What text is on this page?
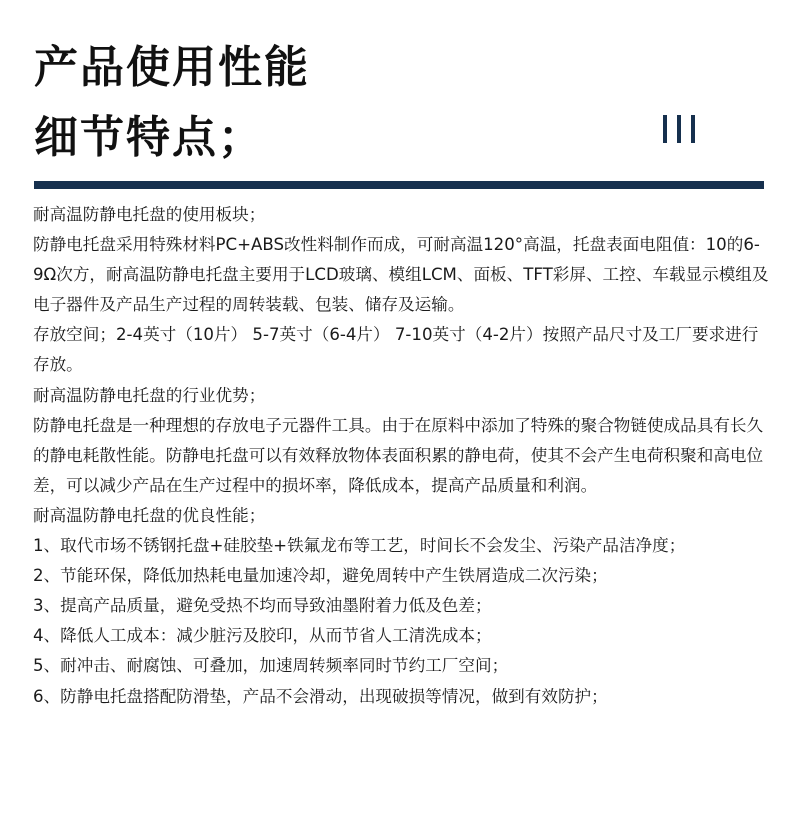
产品使用性能
细节特点；

耐高温防静电托盘的使用板块；

防静电托盘采用特殊材料PC+ABS改性料制作而成，可耐高温120°高温，托盘表面电阻值：10的6-9Ω次方，耐高温防静电托盘主要用于LCD玻璃、模组LCM、面板、TFT彩屏、工控、车载显示模组及电子器件及产品生产过程的周转装载、包装、储存及运输。

存放空间；2-4英寸（10片） 5-7英寸（6-4片） 7-10英寸（4-2片）按照产品尺寸及工厂要求进行存放。

耐高温防静电托盘的行业优势；

防静电托盘是一种理想的存放电子元器件工具。由于在原料中添加了特殊的聚合物链使成品具有长久的静电耗散性能。防静电托盘可以有效释放物体表面积累的静电荷，使其不会产生电荷积聚和高电位差，可以减少产品在生产过程中的损坏率，降低成本，提高产品质量和利润。

耐高温防静电托盘的优良性能；

1、取代市场不锈钢托盘+硅胶垫+铁氟龙布等工艺，时间长不会发尘、污染产品洁净度；

2、节能环保，降低加热耗电量加速冷却，避免周转中产生铁屑造成二次污染；

3、提高产品质量，避免受热不均而导致油墨附着力低及色差；

4、降低人工成本：减少脏污及胶印，从而节省人工清洗成本；

5、耐冲击、耐腐蚀、可叠加，加速周转频率同时节约工厂空间；

6、防静电托盘搭配防滑垫，产品不会滑动，出现破损等情况，做到有效防护；
